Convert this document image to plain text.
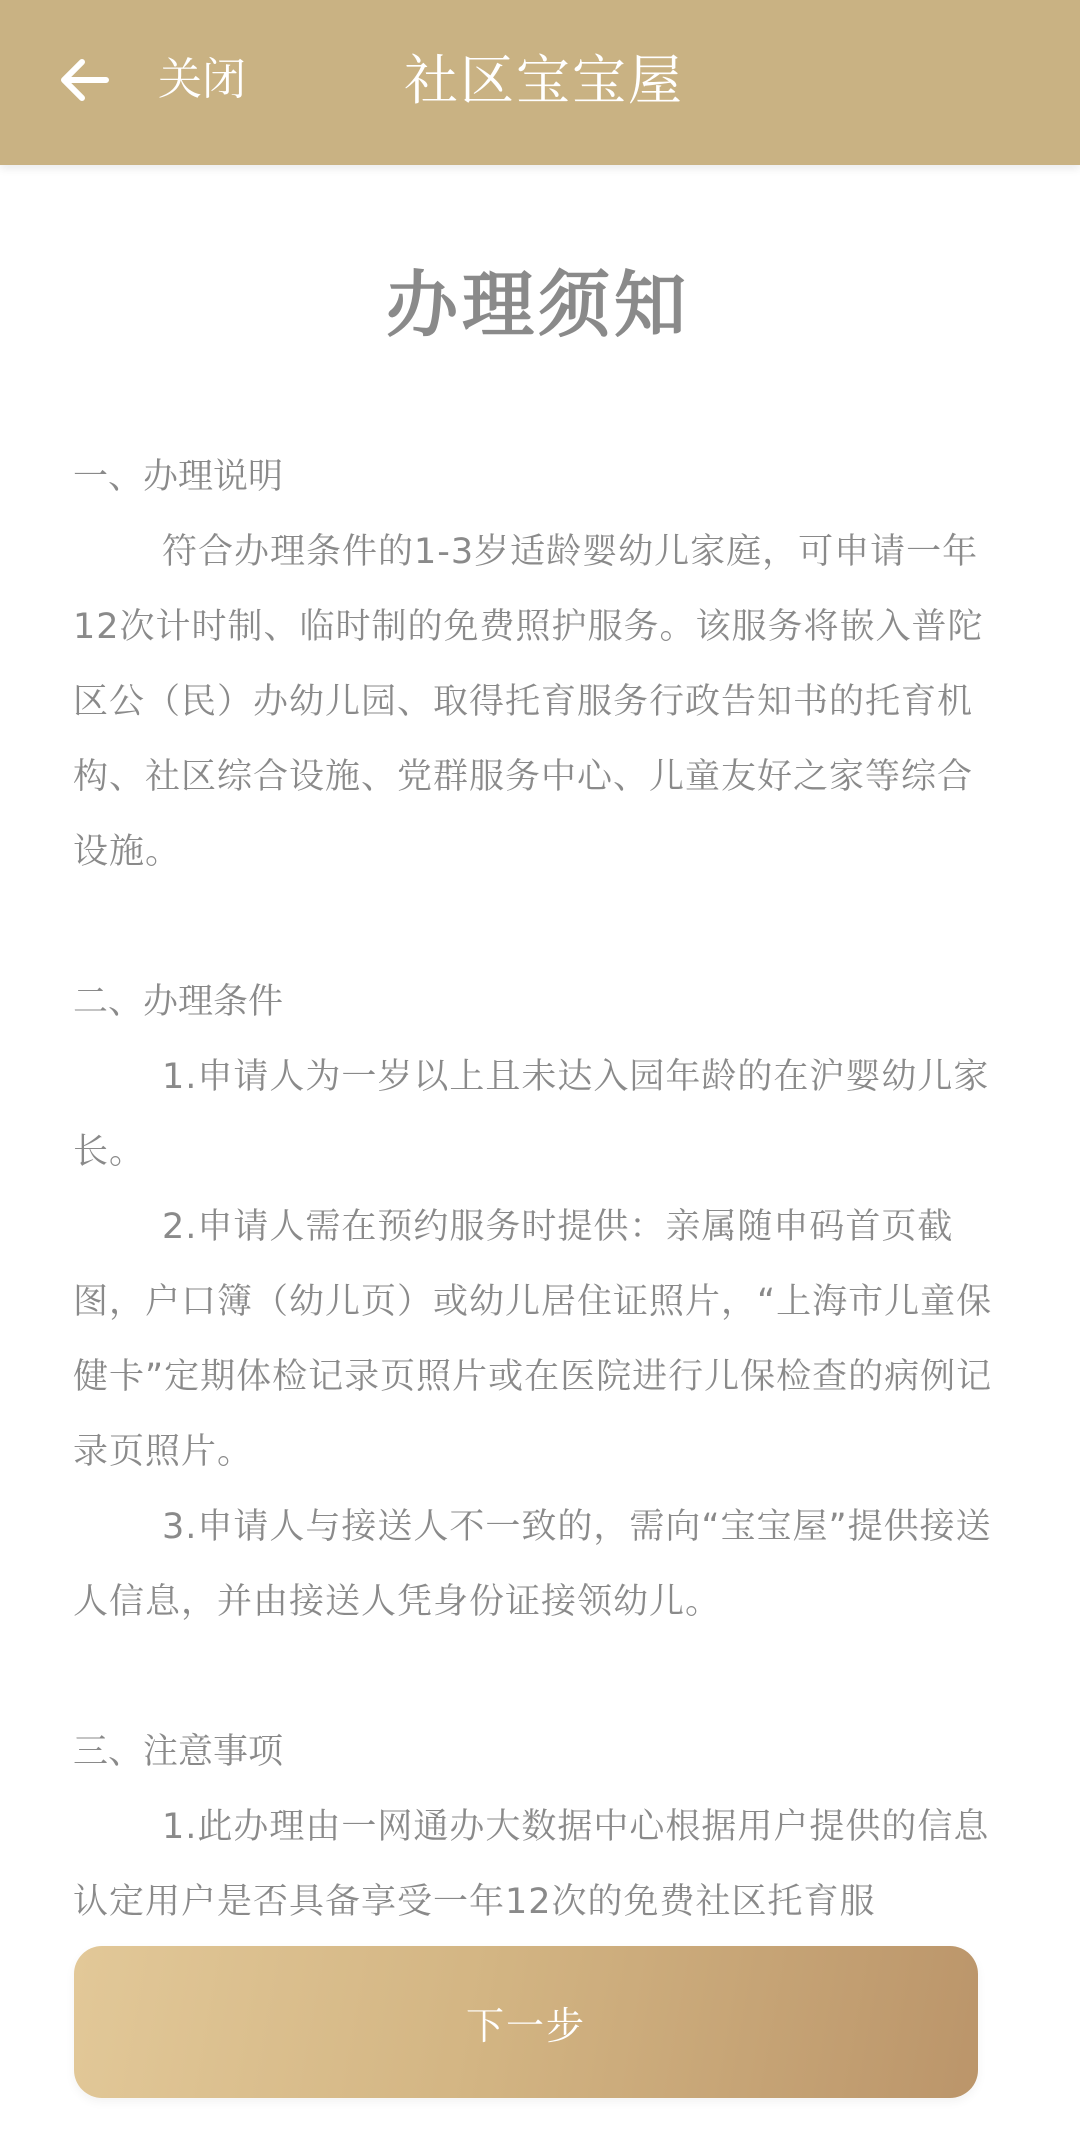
关闭	社区宝宝屋
办理须知

一、办理说明

符合办理条件的1-3岁适龄婴幼儿家庭，可申请一年12次计时制、临时制的免费照护服务。该服务将嵌入普陀区公（民）办幼儿园、取得托育服务行政告知书的托育机构、社区综合设施、党群服务中心、儿童友好之家等综合设施。

二、办理条件

1.申请人为一岁以上且未达入园年龄的在沪婴幼儿家长。

2.申请人需在预约服务时提供：亲属随申码首页截图，户口簿（幼儿页）或幼儿居住证照片，“上海市儿童保健卡”定期体检记录页照片或在医院进行儿保检查的病例记录页照片。

3.申请人与接送人不一致的，需向“宝宝屋”提供接送人信息，并由接送人凭身份证接领幼儿。

三、注意事项

1.此办理由一网通办大数据中心根据用户提供的信息认定用户是否具备享受一年12次的免费社区托育服

下一步
